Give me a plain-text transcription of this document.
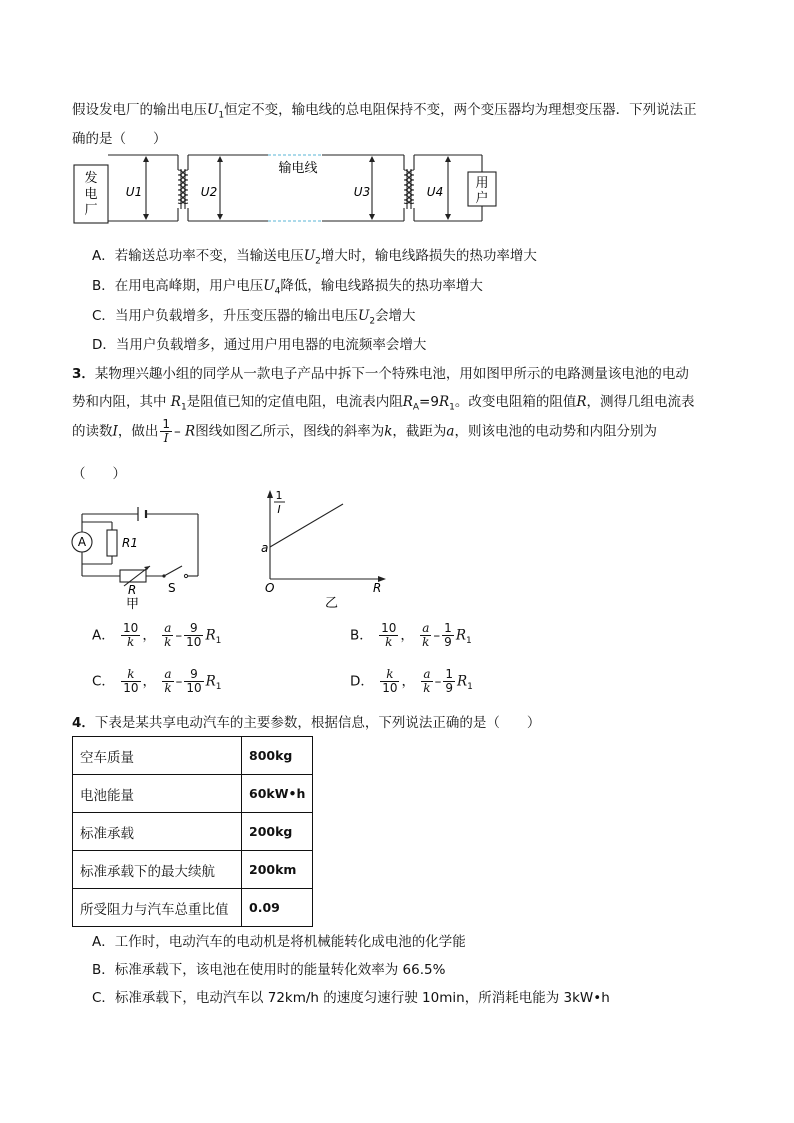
假设发电厂的输出电压$U_1$恒定不变，输电线的总电阻保持不变，两个变压器均为理想变压器．下列说法正
确的是（　　）
发
电
厂
用
户
输电线
U1	U2	U3	U4
A．若输送总功率不变，当输送电压$U_2$增大时，输电线路损失的热功率增大
B．在用电高峰期，用户电压$U_4$降低，输电线路损失的热功率增大
C．当用户负载增多，升压变压器的输出电压$U_2$会增大
D．当用户负载增多，通过用户用电器的电流频率会增大
3．某物理兴趣小组的同学从一款电子产品中拆下一个特殊电池，用如图甲所示的电路测量该电池的电动
势和内阻，其中 $R_1$是阻值已知的定值电阻，电流表内阻$R_A=9R_1$。改变电阻箱的阻值R，测得几组电流表
的读数I，做出 $\frac{1}{I}$ – R图线如图乙所示，图线的斜率为k，截距为a，则该电池的电动势和内阻分别为
（　　）
A	R1
R	S
甲
1
I
a
O	R
乙
A． $\frac{10}{k}$ ， $\frac{a}{k} - \frac{9}{10} R_1$	B． $\frac{10}{k}$ ， $\frac{a}{k} - \frac{1}{9} R_1$
C． $\frac{k}{10}$ ， $\frac{a}{k} - \frac{9}{10} R_1$	D． $\frac{k}{10}$ ， $\frac{a}{k} - \frac{1}{9} R_1$
4．下表是某共享电动汽车的主要参数，根据信息，下列说法正确的是（　　）
空车质量	800kg
电池能量	60kW•h
标准承载	200kg
标准承载下的最大续航	200km
所受阻力与汽车总重比值	0.09
A．工作时，电动汽车的电动机是将机械能转化成电池的化学能
B．标准承载下，该电池在使用时的能量转化效率为 66.5%
C．标准承载下，电动汽车以 72km/h 的速度匀速行驶 10min，所消耗电能为 3kW•h
